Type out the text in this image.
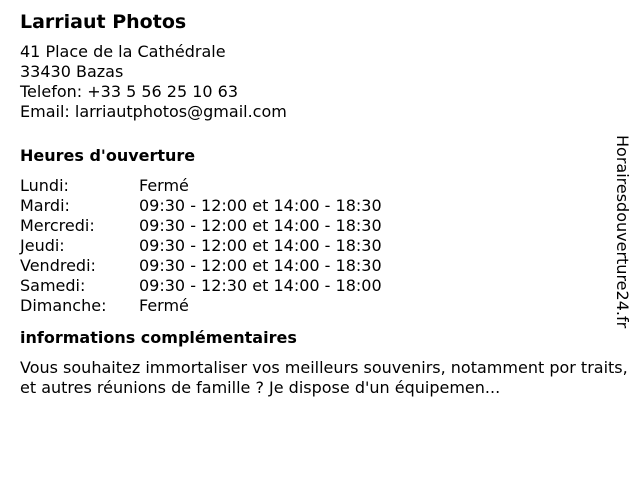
Larriaut Photos
41 Place de la Cathédrale
33430 Bazas
Telefon: +33 5 56 25 10 63
Email: larriautphotos@gmail.com
Heures d'ouverture
Lundi:	Fermé
Mardi:	09:30 - 12:00 et 14:00 - 18:30
Mercredi:	09:30 - 12:00 et 14:00 - 18:30
Jeudi:	09:30 - 12:00 et 14:00 - 18:30
Vendredi:	09:30 - 12:00 et 14:00 - 18:30
Samedi:	09:30 - 12:30 et 14:00 - 18:00
Dimanche:	Fermé
informations complémentaires

Vous souhaitez immortaliser vos meilleurs souvenirs, notamment por traits, et autres réunions de famille ? Je dispose d'un équipemen...

Horairesdouverture24.fr
